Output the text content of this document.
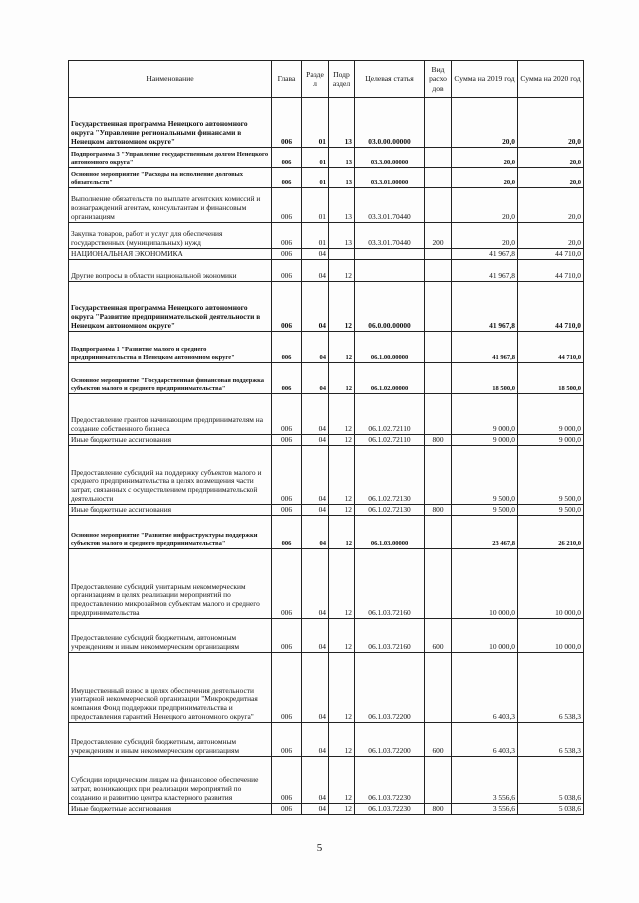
Наименование	Глава	Разде л	Подр аздел	Целевая статья	Вид расхо дов	Сумма на 2019 год	Сумма на 2020 год
Государственная программа Ненецкого автономного округа "Управление региональными финансами в Ненецком автономном округе"	006	01	13	03.0.00.00000		20,0	20,0
Подпрограмма 3 "Управление государственным долгом Ненецкого автономного округа"	006	01	13	03.3.00.00000		20,0	20,0
Основное мероприятие "Расходы на исполнение долговых обязательств"	006	01	13	03.3.01.00000		20,0	20,0
Выполнение обязательств по выплате агентских комиссий и вознаграждений агентам, консультантам и финансовым организациям	006	01	13	03.3.01.70440		20,0	20,0
Закупка товаров, работ и услуг для обеспечения государственных (муниципальных) нужд	006	01	13	03.3.01.70440	200	20,0	20,0
НАЦИОНАЛЬНАЯ ЭКОНОМИКА	006	04				41 967,8	44 710,0
Другие вопросы в области национальной экономики	006	04	12			41 967,8	44 710,0
Государственная программа Ненецкого автономного округа "Развитие предпринимательской деятельности в Ненецком автономном округе"	006	04	12	06.0.00.00000		41 967,8	44 710,0
Подпрограмма 1 "Развитие малого и среднего предпринимательства в Ненецком автономном округе"	006	04	12	06.1.00.00000		41 967,8	44 710,0
Основное мероприятие "Государственная финансовая поддержка субъектов малого и среднего предпринимательства"	006	04	12	06.1.02.00000		18 500,0	18 500,0
Предоставление грантов начинающим предпринимателям на создание собственного бизнеса	006	04	12	06.1.02.72110		9 000,0	9 000,0
Иные бюджетные ассигнования	006	04	12	06.1.02.72110	800	9 000,0	9 000,0
Предоставление субсидий на поддержку субъектов малого и среднего предпринимательства в целях возмещения части затрат, связанных с осуществлением предпринимательской деятельности	006	04	12	06.1.02.72130		9 500,0	9 500,0
Иные бюджетные ассигнования	006	04	12	06.1.02.72130	800	9 500,0	9 500,0
Основное мероприятие "Развитие инфраструктуры поддержки субъектов малого и среднего предпринимательства"	006	04	12	06.1.03.00000		23 467,8	26 210,0
Предоставление субсидий унитарным некоммерческим организациям в целях реализации мероприятий по предоставлению микрозаймов субъектам малого и среднего предпринимательства	006	04	12	06.1.03.72160		10 000,0	10 000,0
Предоставление субсидий бюджетным, автономным учреждениям и иным некоммерческим организациям	006	04	12	06.1.03.72160	600	10 000,0	10 000,0
Имущественный взнос в целях обеспечения деятельности унитарной некоммерческой организации "Микрокредитная компания Фонд поддержки предпринимательства и предоставления гарантий Ненецкого автономного округа"	006	04	12	06.1.03.72200		6 403,3	6 538,3
Предоставление субсидий бюджетным, автономным учреждениям и иным некоммерческим организациям	006	04	12	06.1.03.72200	600	6 403,3	6 538,3
Субсидии юридическим лицам на финансовое обеспечение затрат, возникающих при реализации мероприятий по созданию и развитию центра кластерного развития	006	04	12	06.1.03.72230		3 556,6	5 038,6
Иные бюджетные ассигнования	006	04	12	06.1.03.72230	800	3 556,6	5 038,6
5
